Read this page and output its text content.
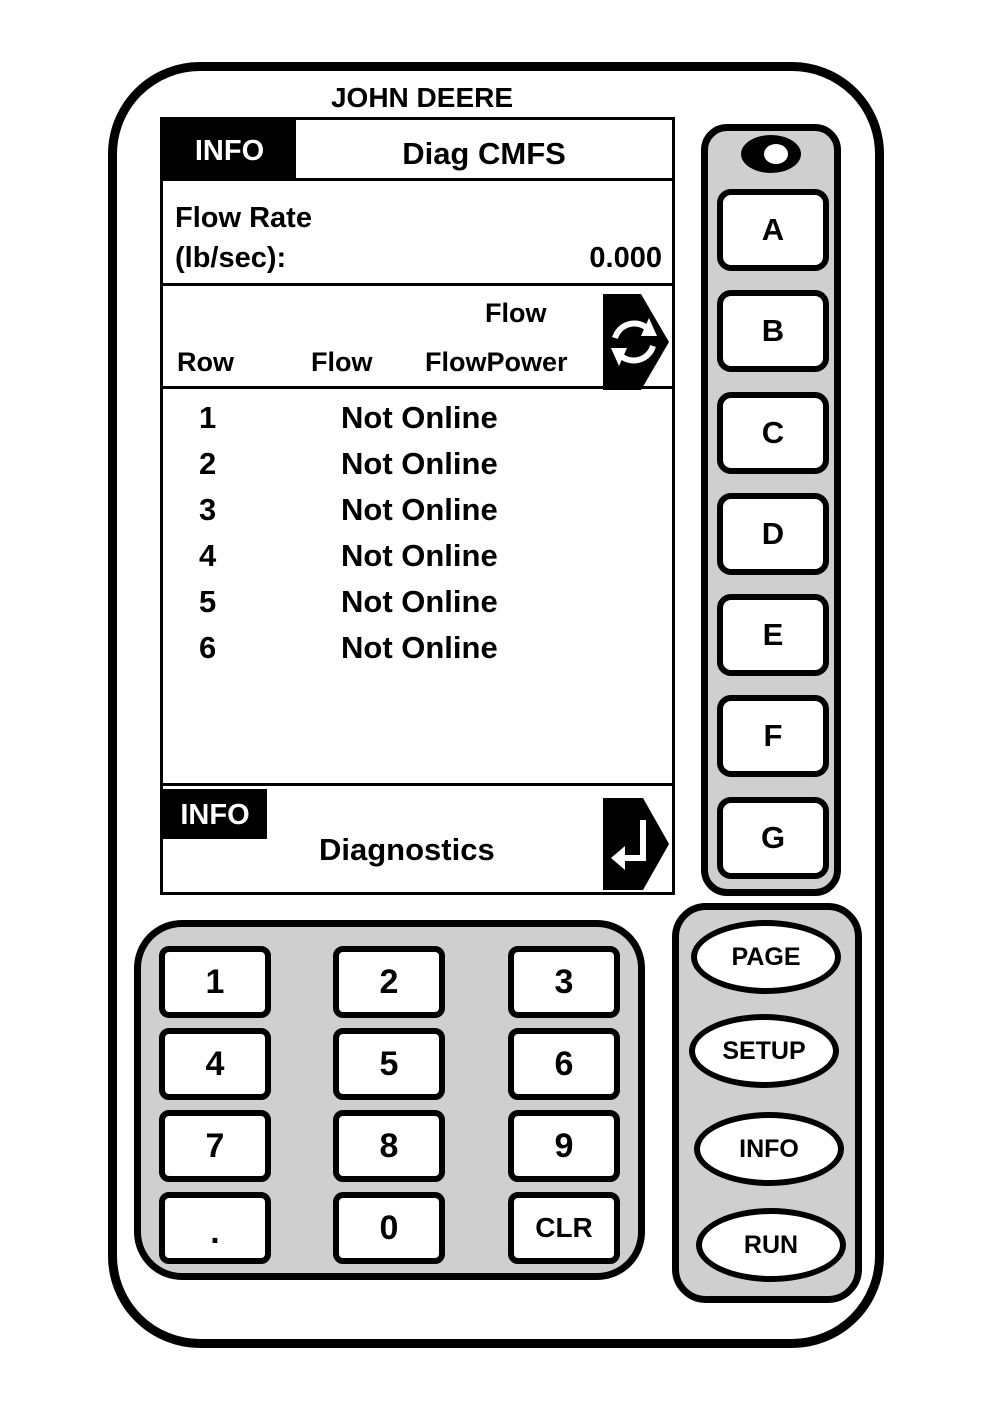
JOHN DEERE
INFO	Diag CMFS
Flow Rate
(lb/sec):	0.000
Flow
Row	Flow FlowPower
1	Not Online
2	Not Online
3	Not Online
4	Not Online
5	Not Online
6	Not Online
INFO
Diagnostics
A
B
C
D
E
F
G
1	2	3
4	5	6
7	8	9
.	0	CLR
PAGE
SETUP
INFO
RUN
